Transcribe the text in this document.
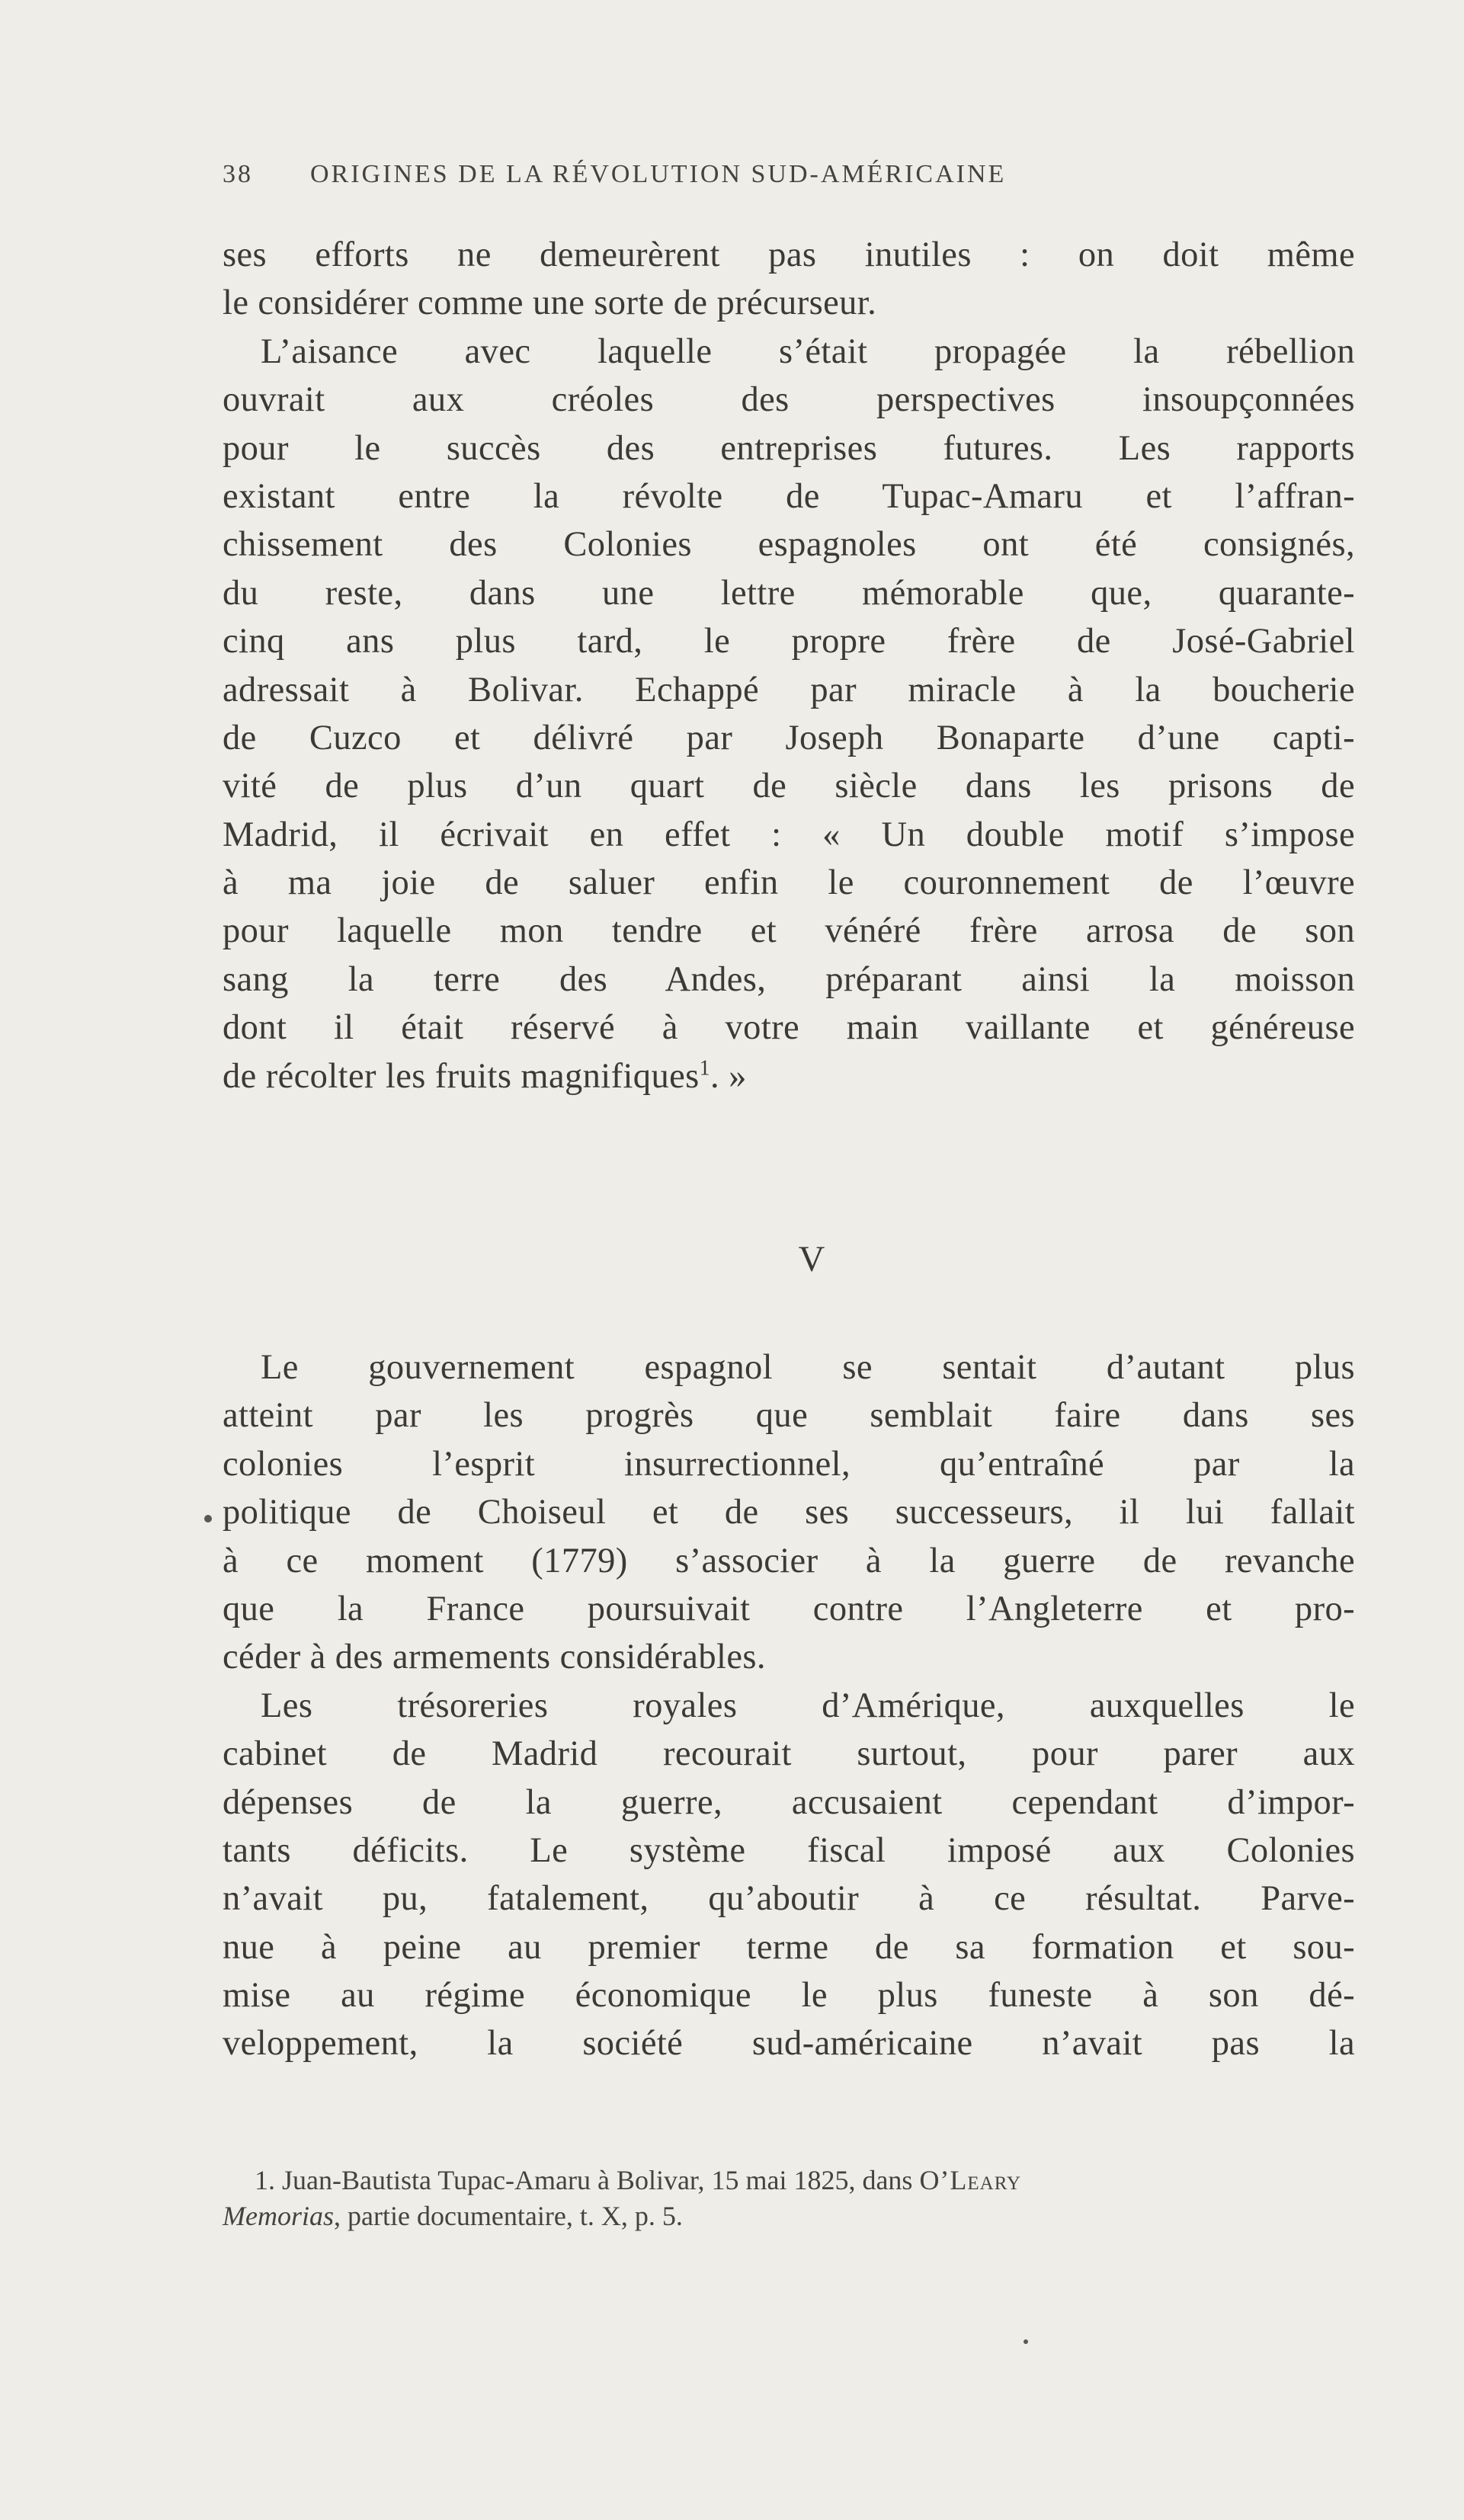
38 ORIGINES DE LA RÉVOLUTION SUD-AMÉRICAINE
ses efforts ne demeurèrent pas inutiles : on doit même
le considérer comme une sorte de précurseur.
L’aisance avec laquelle s’était propagée la rébellion
ouvrait aux créoles des perspectives insoupçonnées
pour le succès des entreprises futures. Les rapports
existant entre la révolte de Tupac-Amaru et l’affran-
chissement des Colonies espagnoles ont été consignés,
du reste, dans une lettre mémorable que, quarante-
cinq ans plus tard, le propre frère de José-Gabriel
adressait à Bolivar. Echappé par miracle à la boucherie
de Cuzco et délivré par Joseph Bonaparte d’une capti-
vité de plus d’un quart de siècle dans les prisons de
Madrid, il écrivait en effet : « Un double motif s’impose
à ma joie de saluer enfin le couronnement de l’œuvre
pour laquelle mon tendre et vénéré frère arrosa de son
sang la terre des Andes, préparant ainsi la moisson
dont il était réservé à votre main vaillante et généreuse
de récolter les fruits magnifiques$^1$. »
V
Le gouvernement espagnol se sentait d’autant plus
atteint par les progrès que semblait faire dans ses
colonies l’esprit insurrectionnel, qu’entraîné par la
politique de Choiseul et de ses successeurs, il lui fallait
à ce moment (1779) s’associer à la guerre de revanche
que la France poursuivait contre l’Angleterre et pro-
céder à des armements considérables.
Les trésoreries royales d’Amérique, auxquelles le
cabinet de Madrid recourait surtout, pour parer aux
dépenses de la guerre, accusaient cependant d’impor-
tants déficits. Le système fiscal imposé aux Colonies
n’avait pu, fatalement, qu’aboutir à ce résultat. Parve-
nue à peine au premier terme de sa formation et sou-
mise au régime économique le plus funeste à son dé-
veloppement, la société sud-américaine n’avait pas la
1. Juan-Bautista Tupac-Amaru à Bolivar, 15 mai 1825, dans O’Leary
Memorias, partie documentaire, t. X, p. 5.
